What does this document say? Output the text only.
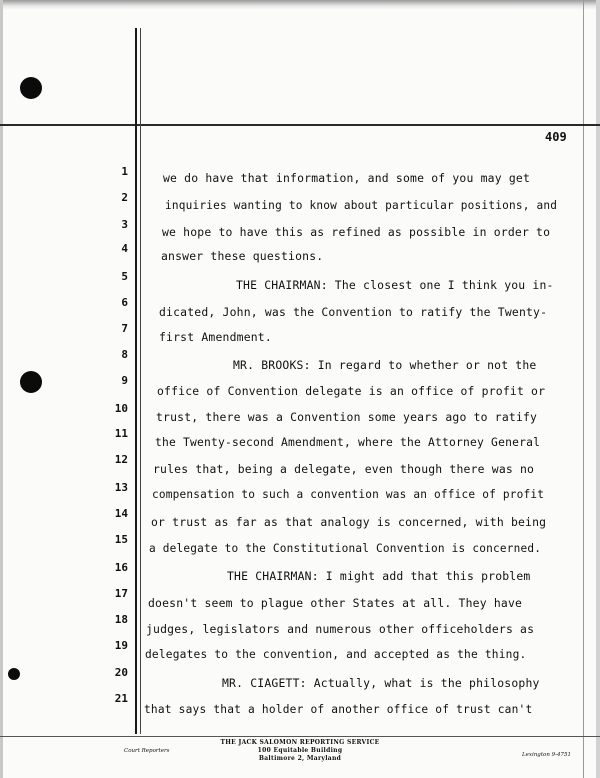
409
1
2
3
4
5
6
7
8
9
10
11
12
13
14
15
16
17
18
19
20
21
we do have that information, and some of you may get
inquiries wanting to know about particular positions, and
we hope to have this as refined as possible in order to
answer these questions.
THE CHAIRMAN: The closest one I think you in-
dicated, John, was the Convention to ratify the Twenty-
first Amendment.
MR. BROOKS: In regard to whether or not the
office of Convention delegate is an office of profit or
trust, there was a Convention some years ago to ratify
the Twenty-second Amendment, where the Attorney General
rules that, being a delegate, even though there was no
compensation to such a convention was an office of profit
or trust as far as that analogy is concerned, with being
a delegate to the Constitutional Convention is concerned.
THE CHAIRMAN: I might add that this problem
doesn't seem to plague other States at all. They have
judges, legislators and numerous other officeholders as
delegates to the convention, and accepted as the thing.
MR. CIAGETT: Actually, what is the philosophy
that says that a holder of another office of trust can't
THE JACK SALOMON REPORTING SERVICE
100 Equitable Building
Baltimore 2, Maryland
Court Reporters
Lexington 9-4751
